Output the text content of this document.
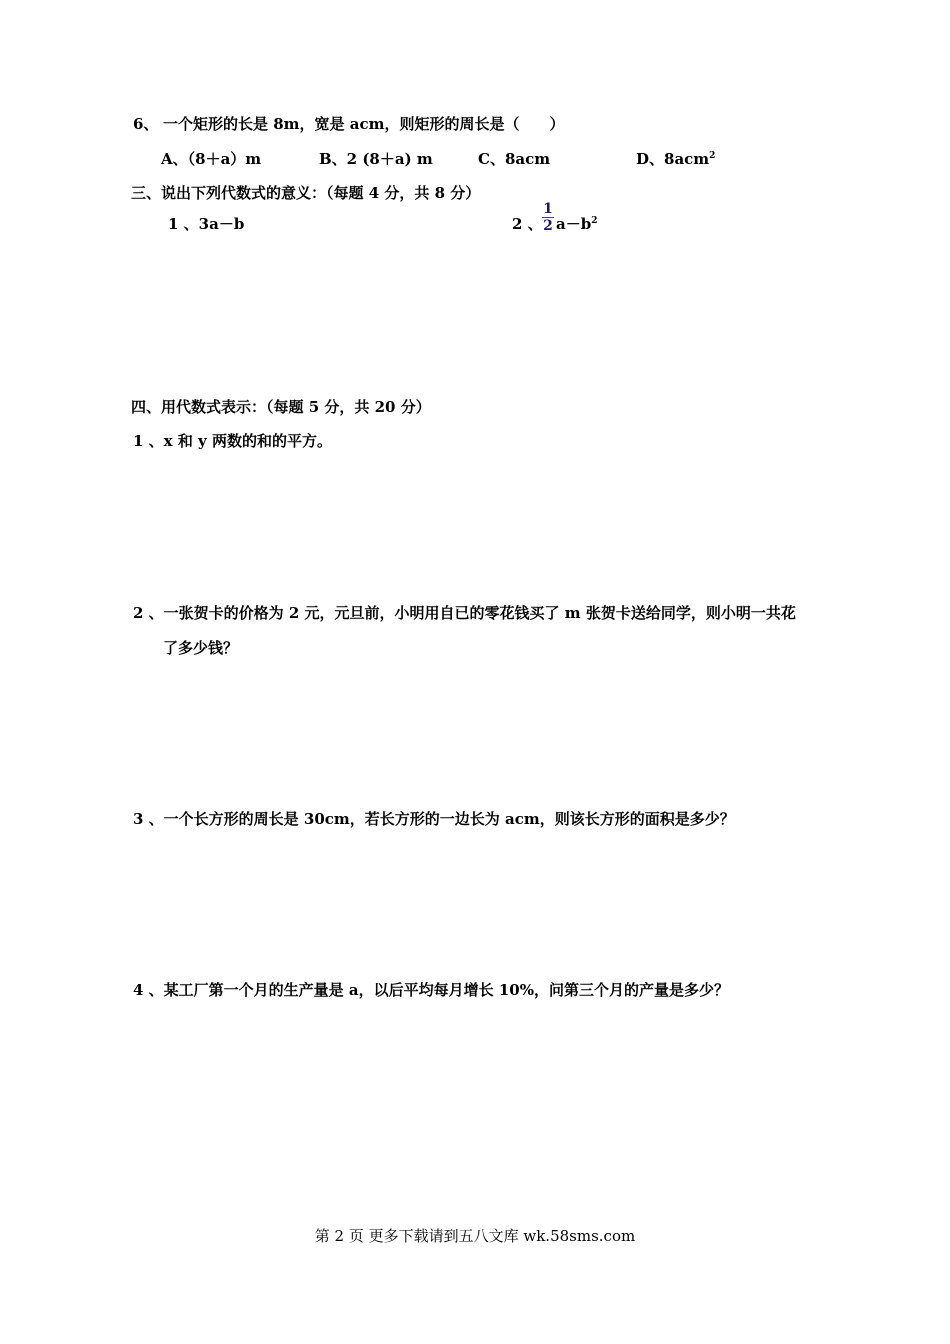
6、 一个矩形的长是 8m，宽是 acm，则矩形的周长是（　　）
A、（8＋a）m	B、2 (8＋a) m	C、8acm	D、8acm$^2$
三、说出下列代数式的意义：（每题 4 分，共 8 分）
1 、3a－b	2 、
1
2 $a-b^2$
四、用代数式表示：（每题 5 分，共 20 分）
1 、x 和 y 两数的和的平方。
2 、一张贺卡的价格为 2 元，元旦前，小明用自已的零花钱买了 m 张贺卡送给同学，则小明一共花
了多少钱？
3 、一个长方形的周长是 30cm，若长方形的一边长为 acm，则该长方形的面积是多少？
4 、某工厂第一个月的生产量是 a，以后平均每月增长 10%，问第三个月的产量是多少？
第 2 页 更多下载请到五八文库 wk.58sms.com
